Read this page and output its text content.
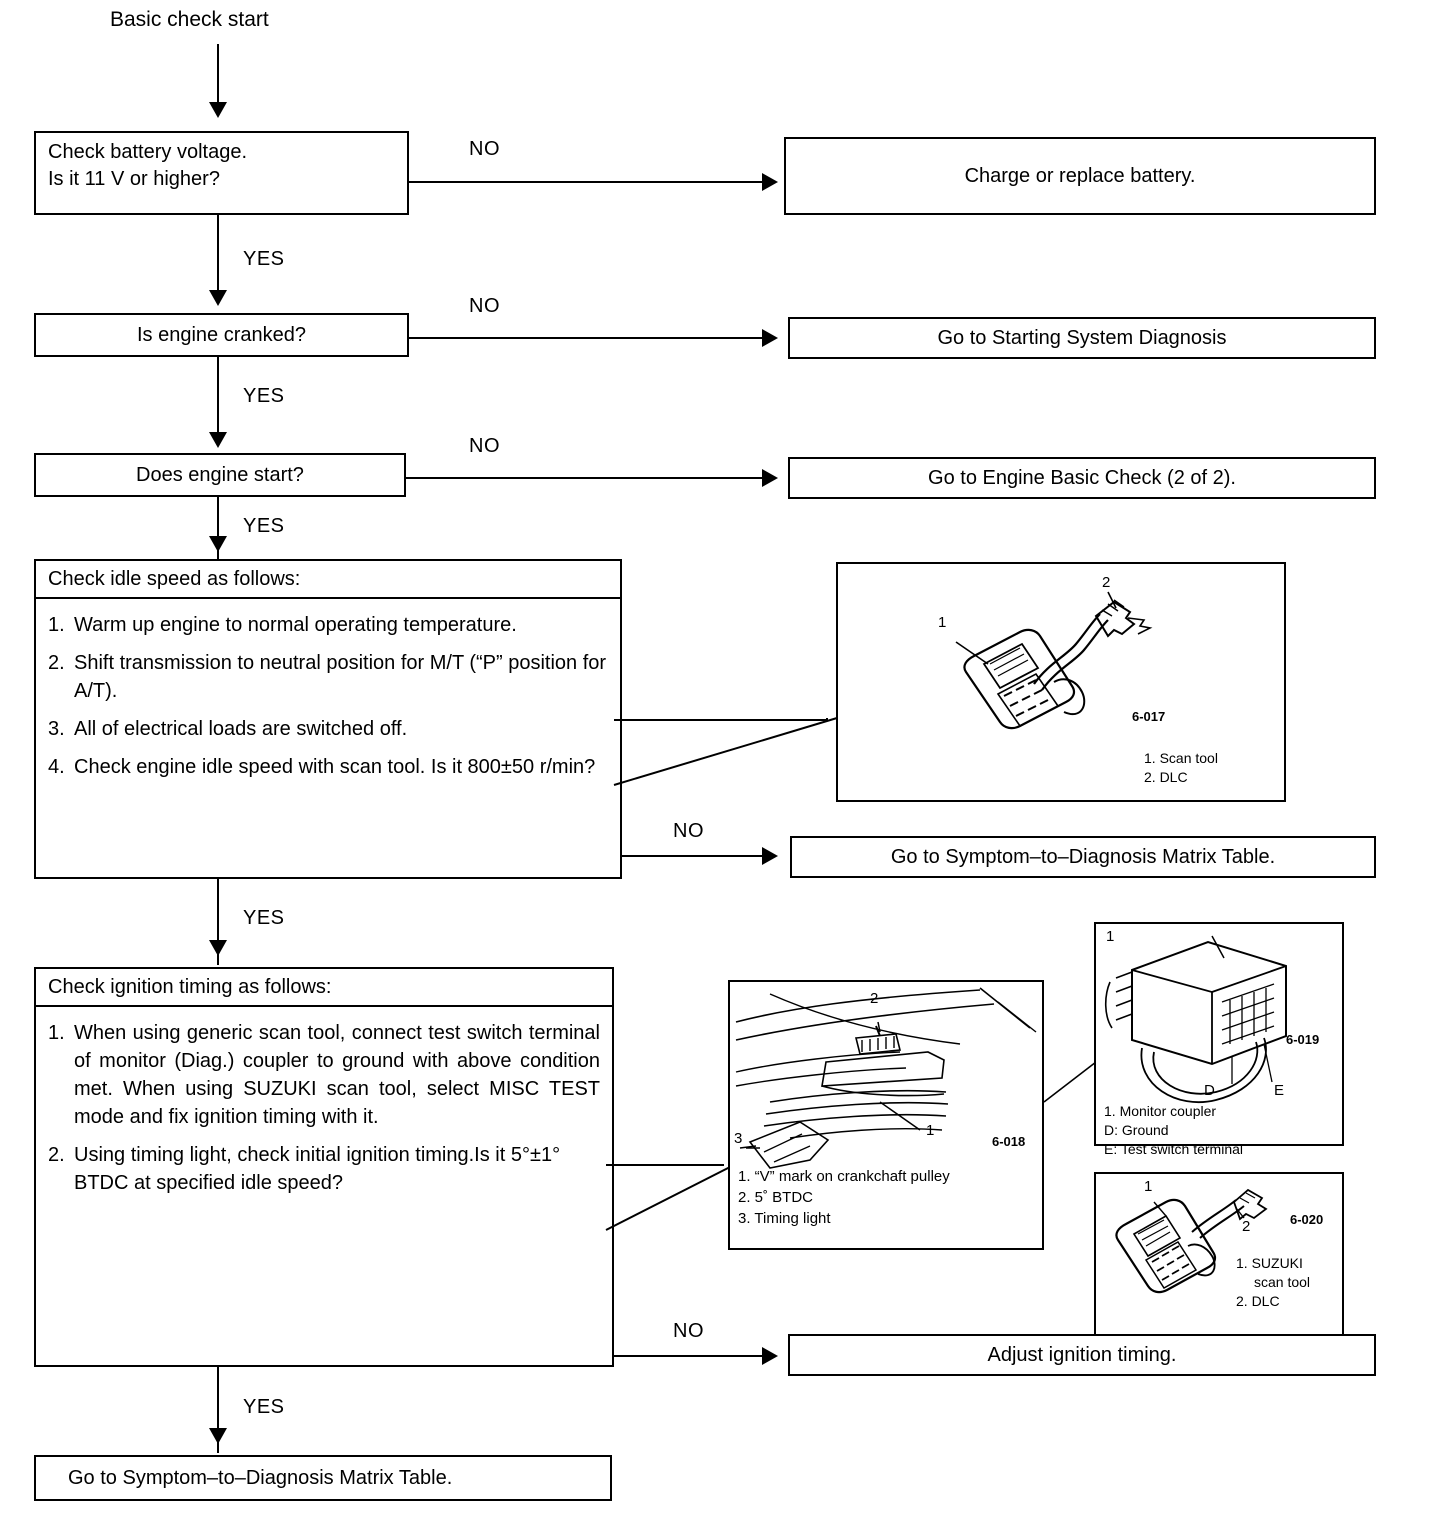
Basic check start
Check battery voltage.
Is it 11 V or higher?
NO
Charge or replace battery.
YES
Is engine cranked?
NO
Go to Starting System Diagnosis
YES
Does engine start?
NO
Go to Engine Basic Check (2 of 2).
YES
Check idle speed as follows:
1. Warm up engine to normal operating temperature.
2. Shift transmission to neutral position for M/T (“P” position for A/T).
3. All of electrical loads are switched off.
4. Check engine idle speed with scan tool. Is it 800±50 r/min?
1
2
6-017
1. Scan tool
2. DLC
NO
Go to Symptom–to–Diagnosis Matrix Table.
YES
Check ignition timing as follows:
1. When using generic scan tool, connect test switch terminal of monitor (Diag.) coupler to ground with above condition met. When using SUZUKI scan tool, select MISC TEST mode and fix ignition timing with it.
2. Using timing light, check initial ignition timing.Is it 5°±1° BTDC at specified idle speed?
2
1
3	6-018
1. “V” mark on crankchaft pulley
2. 5˚ BTDC
3. Timing light
1
D	E
6-019
1. Monitor coupler
D: Ground
E: Test switch terminal
1
2	6-020
1. SUZUKI
scan tool
2. DLC
NO
Adjust ignition timing.
YES
Go to Symptom–to–Diagnosis Matrix Table.
